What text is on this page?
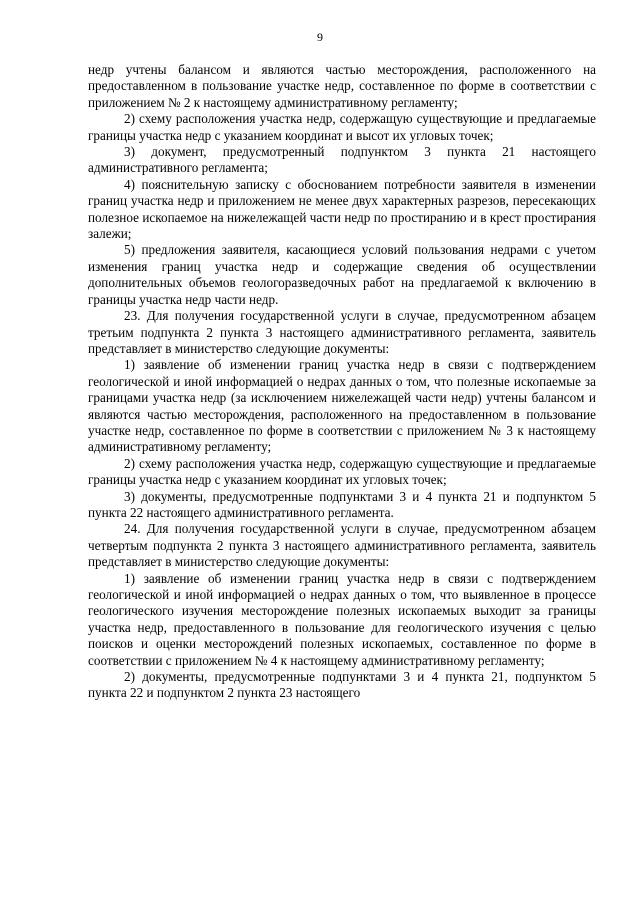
9

недр учтены балансом и являются частью месторождения, расположенного на предоставленном в пользование участке недр, составленное по форме в соответствии с приложением № 2 к настоящему административному регламенту;

2) схему расположения участка недр, содержащую существующие и предлагаемые границы участка недр с указанием координат и высот их угловых точек;

3) документ, предусмотренный подпунктом 3 пункта 21 настоящего административного регламента;

4) пояснительную записку с обоснованием потребности заявителя в изменении границ участка недр и приложением не менее двух характерных разрезов, пересекающих полезное ископаемое на нижележащей части недр по простиранию и в крест простирания залежи;

5) предложения заявителя, касающиеся условий пользования недрами с учетом изменения границ участка недр и содержащие сведения об осуществлении дополнительных объемов геологоразведочных работ на предлагаемой к включению в границы участка недр части недр.

23. Для получения государственной услуги в случае, предусмотренном абзацем третьим подпункта 2 пункта 3 настоящего административного регламента, заявитель представляет в министерство следующие документы:

1) заявление об изменении границ участка недр в связи с подтверждением геологической и иной информацией о недрах данных о том, что полезные ископаемые за границами участка недр (за исключением нижележащей части недр) учтены балансом и являются частью месторождения, расположенного на предоставленном в пользование участке недр, составленное по форме в соответствии с приложением № 3 к настоящему административному регламенту;

2) схему расположения участка недр, содержащую существующие и предлагаемые границы участка недр с указанием координат их угловых точек;

3) документы, предусмотренные подпунктами 3 и 4 пункта 21 и подпунктом 5 пункта 22 настоящего административного регламента.

24. Для получения государственной услуги в случае, предусмотренном абзацем четвертым подпункта 2 пункта 3 настоящего административного регламента, заявитель представляет в министерство следующие документы:

1) заявление об изменении границ участка недр в связи с подтверждением геологической и иной информацией о недрах данных о том, что выявленное в процессе геологического изучения месторождение полезных ископаемых выходит за границы участка недр, предоставленного в пользование для геологического изучения с целью поисков и оценки месторождений полезных ископаемых, составленное по форме в соответствии с приложением № 4 к настоящему административному регламенту;

2) документы, предусмотренные подпунктами 3 и 4 пункта 21, подпунктом 5 пункта 22 и подпунктом 2 пункта 23 настоящего
